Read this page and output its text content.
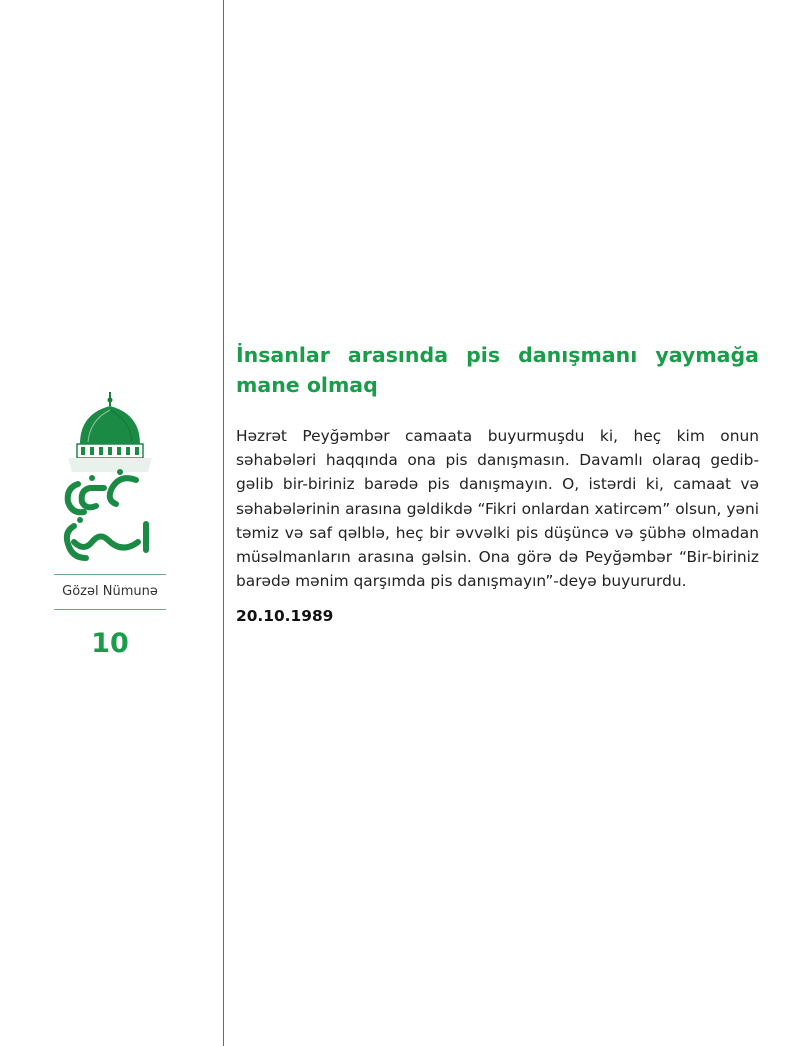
Gözəl Nümunə
10
İnsanlar arasında pis danışmanı yaymağa mane olmaq

Həzrət Peyğəmbər camaata buyurmuşdu ki, heç kim onun səhabələri haqqında ona pis danışmasın. Davamlı olaraq gedib-gəlib bir-biriniz barədə pis danışmayın. O, istərdi ki, camaat və səhabələrinin arasına gəldikdə “Fikri onlardan xatircəm” olsun, yəni təmiz və saf qəlblə, heç bir əvvəlki pis düşüncə və şübhə olmadan müsəlmanların arasına gəlsin. Ona görə də Peyğəmbər “Bir-biriniz barədə mənim qarşımda pis danışmayın”-deyə buyururdu.

20.10.1989
